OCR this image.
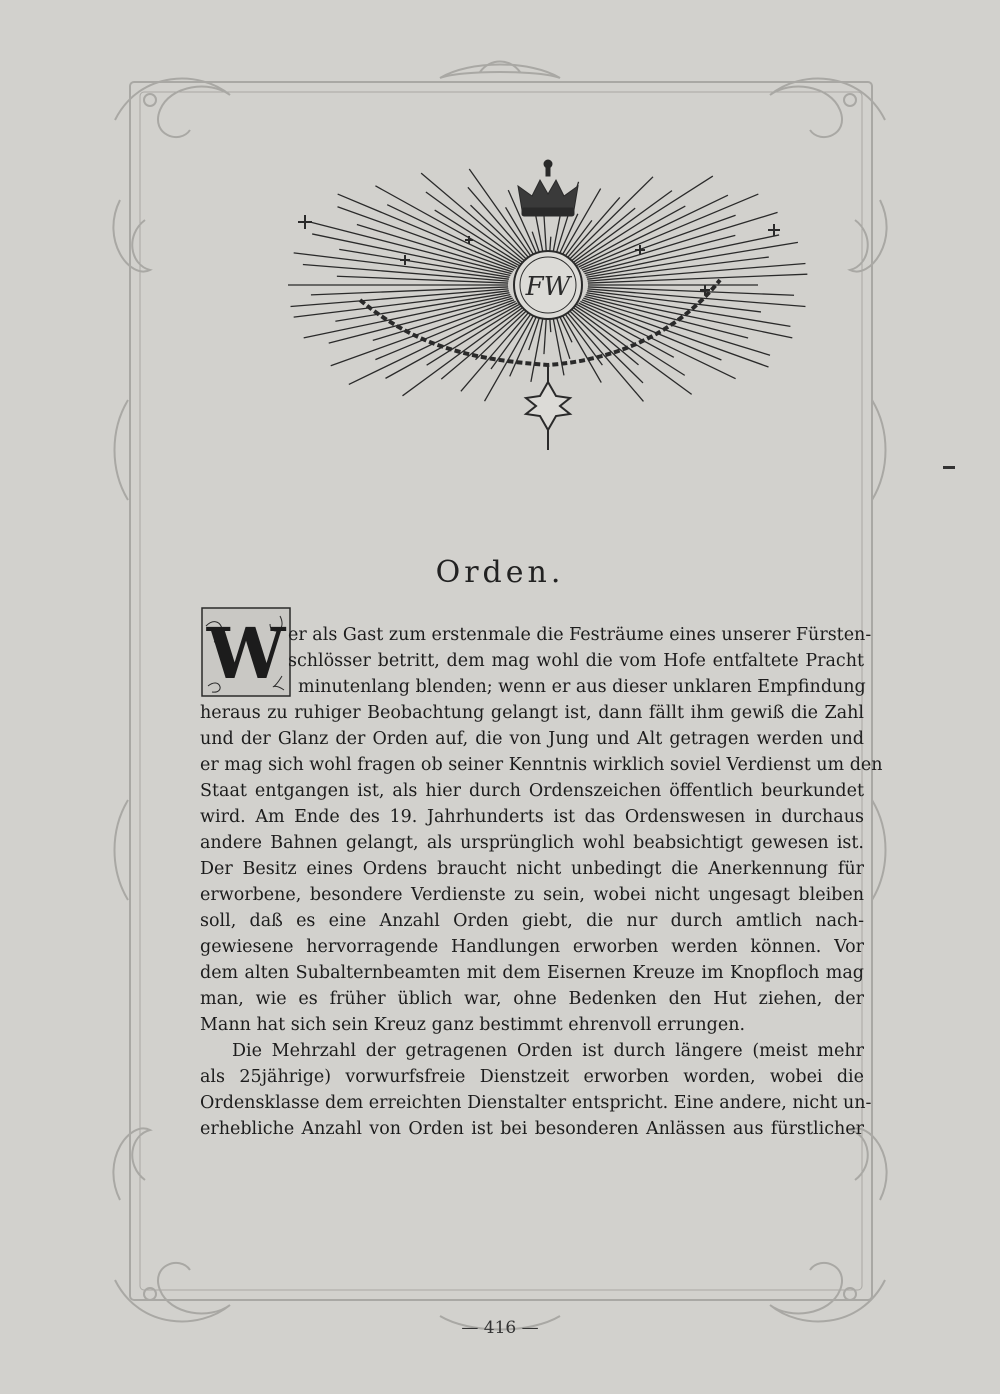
FW
Orden.
W er als Gast zum erstenmale die Festräume eines unserer Fürsten-
schlösser betritt, dem mag wohl die vom Hofe entfaltete Pracht
minutenlang blenden; wenn er aus dieser unklaren Empfindung
heraus zu ruhiger Beobachtung gelangt ist, dann fällt ihm gewiß die Zahl
und der Glanz der Orden auf, die von Jung und Alt getragen werden und
er mag sich wohl fragen ob seiner Kenntnis wirklich soviel Verdienst um den
Staat entgangen ist, als hier durch Ordenszeichen öffentlich beurkundet
wird. Am Ende des 19. Jahrhunderts ist das Ordenswesen in durchaus
andere Bahnen gelangt, als ursprünglich wohl beabsichtigt gewesen ist.
Der Besitz eines Ordens braucht nicht unbedingt die Anerkennung für
erworbene, besondere Verdienste zu sein, wobei nicht ungesagt bleiben
soll, daß es eine Anzahl Orden giebt, die nur durch amtlich nach-
gewiesene hervorragende Handlungen erworben werden können. Vor
dem alten Subalternbeamten mit dem Eisernen Kreuze im Knopfloch mag
man, wie es früher üblich war, ohne Bedenken den Hut ziehen, der
Mann hat sich sein Kreuz ganz bestimmt ehrenvoll errungen.
Die Mehrzahl der getragenen Orden ist durch längere (meist mehr
als 25jährige) vorwurfsfreie Dienstzeit erworben worden, wobei die
Ordensklasse dem erreichten Dienstalter entspricht. Eine andere, nicht un-
erhebliche Anzahl von Orden ist bei besonderen Anlässen aus fürstlicher
— 416 —
